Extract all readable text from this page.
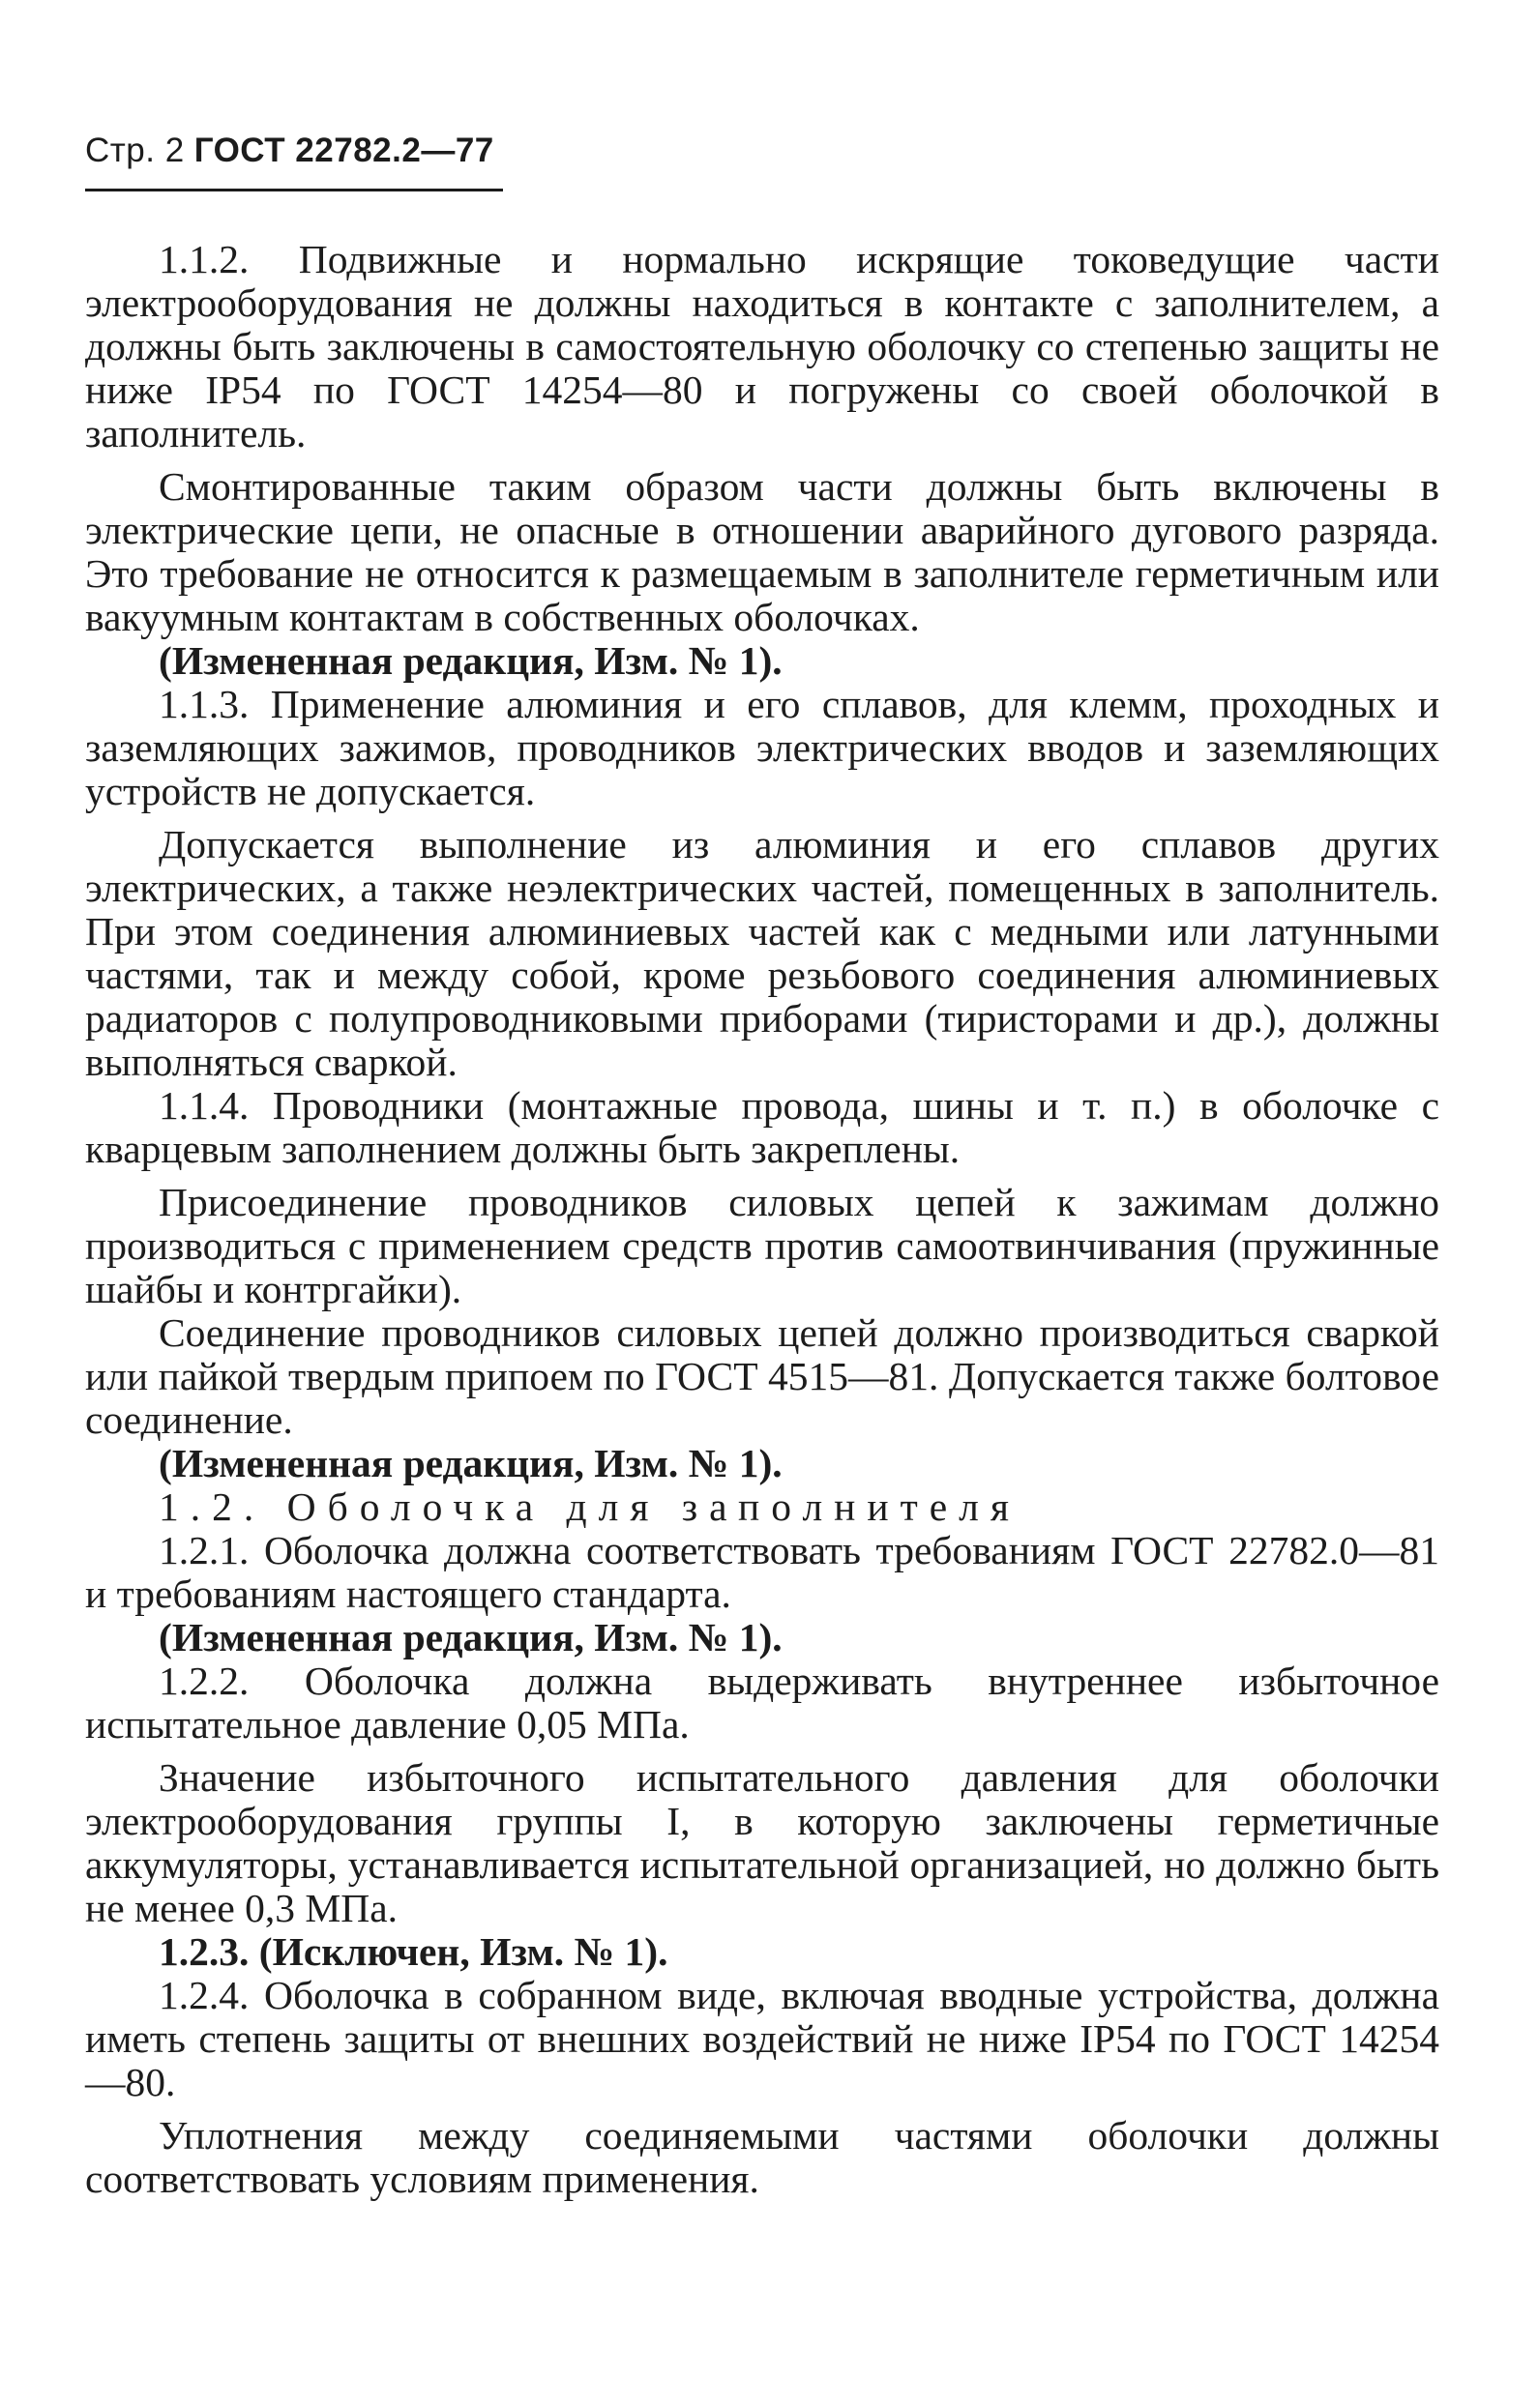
Стр. 2 ГОСТ 22782.2—77

1.1.2. Подвижные и нормально искрящие токоведущие части электрооборудования не должны находиться в контакте с заполнителем, а должны быть заключены в самостоятельную оболочку со степенью защиты не ниже IP54 по ГОСТ 14254—80 и погружены со своей оболочкой в заполнитель.

Смонтированные таким образом части должны быть включены в электрические цепи, не опасные в отношении аварийного дугового разряда. Это требование не относится к размещаемым в заполнителе герметичным или вакуумным контактам в собственных оболочках.

(Измененная редакция, Изм. № 1).

1.1.3. Применение алюминия и его сплавов, для клемм, проходных и заземляющих зажимов, проводников электрических вводов и заземляющих устройств не допускается.

Допускается выполнение из алюминия и его сплавов других электрических, а также неэлектрических частей, помещенных в заполнитель. При этом соединения алюминиевых частей как с медными или латунными частями, так и между собой, кроме резьбового соединения алюминиевых радиаторов с полупроводниковыми приборами (тиристорами и др.), должны выполняться сваркой.

1.1.4. Проводники (монтажные провода, шины и т. п.) в оболочке с кварцевым заполнением должны быть закреплены.

Присоединение проводников силовых цепей к зажимам должно производиться с применением средств против самоотвинчивания (пружинные шайбы и контргайки).

Соединение проводников силовых цепей должно производиться сваркой или пайкой твердым припоем по ГОСТ 4515—81. Допускается также болтовое соединение.

(Измененная редакция, Изм. № 1).

1.2. Оболочка для заполнителя

1.2.1. Оболочка должна соответствовать требованиям ГОСТ 22782.0—81 и требованиям настоящего стандарта.

(Измененная редакция, Изм. № 1).

1.2.2. Оболочка должна выдерживать внутреннее избыточное испытательное давление 0,05 МПа.

Значение избыточного испытательного давления для оболочки электрооборудования группы I, в которую заключены герметичные аккумуляторы, устанавливается испытательной организацией, но должно быть не менее 0,3 МПа.

1.2.3. (Исключен, Изм. № 1).

1.2.4. Оболочка в собранном виде, включая вводные устройства, должна иметь степень защиты от внешних воздействий не ниже IP54 по ГОСТ 14254—80.

Уплотнения между соединяемыми частями оболочки должны соответствовать условиям применения.
